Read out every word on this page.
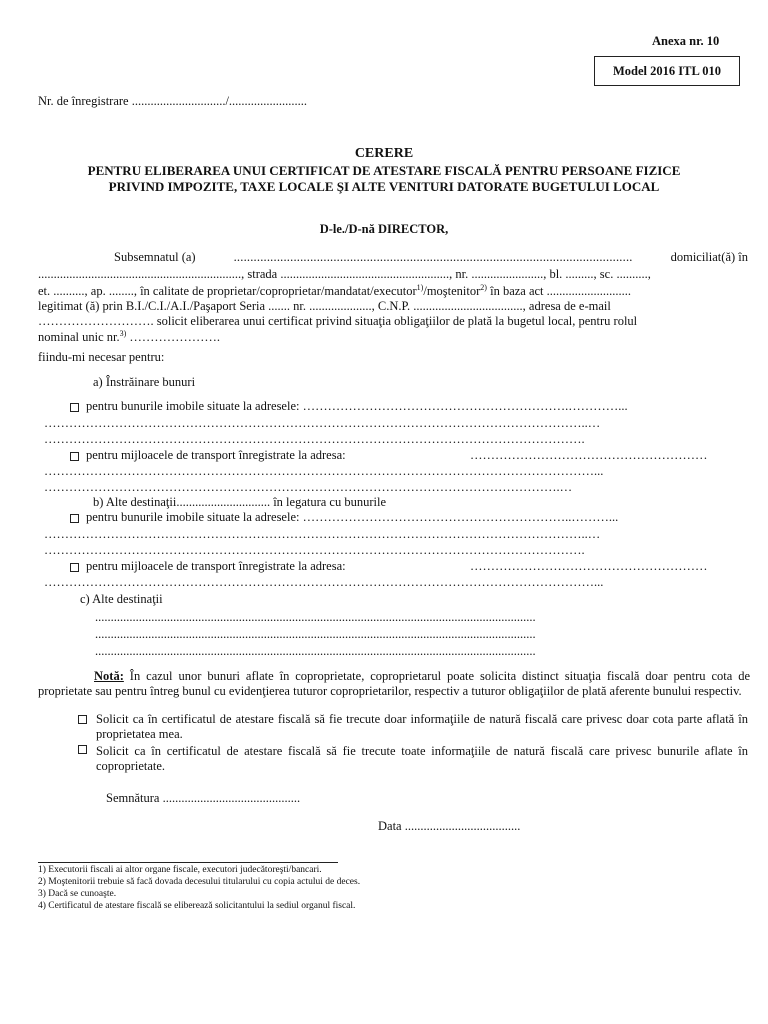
Anexa nr. 10
Model 2016 ITL 010
Nr. de înregistrare ............................../.........................
CERERE
PENTRU ELIBERAREA UNUI CERTIFICAT DE ATESTARE FISCALĂ PENTRU PERSOANE FIZICE
PRIVIND IMPOZITE, TAXE LOCALE ŞI ALTE VENITURI DATORATE BUGETULUI LOCAL
D-le./D-nă DIRECTOR,
Subsemnatul (a)	........................................................................................................................	domiciliat(ă) în
................................................................., strada ......................................................, nr. ......................., bl. ........., sc. ..........,
et. .........., ap. ........, în calitate de proprietar/coproprietar/mandatat/executor$^{1)}$/moştenitor$^{2)}$ în baza act ...........................
legitimat (ă) prin B.I./C.I./A.I./Paşaport Seria ....... nr. ...................., C.N.P. ..................................., adresa de e-mail
………………………. solicit eliberarea unui certificat privind situaţia obligaţiilor de plată la bugetul local, pentru rolul
nominal unic nr.$^{3)}$ ………………….
fiindu-mi necesar pentru:
a) Înstrăinare bunuri
pentru bunurile imobile situate la adresele: ……………………………………………………….…………...
…………………………………………………………………………………………………………………..…
………………………………………………………………………………………………………………….
pentru mijloacele de transport înregistrate la adresa:	…………………………………………………
……………………………………………………………………………………………………………………...
…………………………………………………………………………………………………………….…
b) Alte destinaţii.............................. în legatura cu bunurile
pentru bunurile imobile situate la adresele: ………………………………………………………..………...
…………………………………………………………………………………………………………………..…
………………………………………………………………………………………………………………….
pentru mijloacele de transport înregistrate la adresa:	…………………………………………………
……………………………………………………………………………………………………………………...
c) Alte destinaţii
.............................................................................................................................................
.............................................................................................................................................
.............................................................................................................................................
Notă: În cazul unor bunuri aflate în coproprietate, coproprietarul poate solicita distinct situaţia fiscală doar pentru cota de proprietate sau pentru întreg bunul cu evidenţierea tuturor coproprietarilor, respectiv a tuturor obligaţiilor de plată aferente bunului respectiv.
Solicit ca în certificatul de atestare fiscală să fie trecute doar informaţiile de natură fiscală care privesc doar cota parte aflată în proprietatea mea.
Solicit ca în certificatul de atestare fiscală să fie trecute toate informaţiile de natură fiscală care privesc bunurile aflate în coproprietate.
Semnătura ............................................
Data .....................................
1) Executorii fiscali ai altor organe fiscale, executori judecătoreşti/bancari.
2) Moştenitorii trebuie să facă dovada decesului titularului cu copia actului de deces.
3) Dacă se cunoaşte.
4) Certificatul de atestare fiscală se eliberează solicitantului la sediul organul fiscal.
